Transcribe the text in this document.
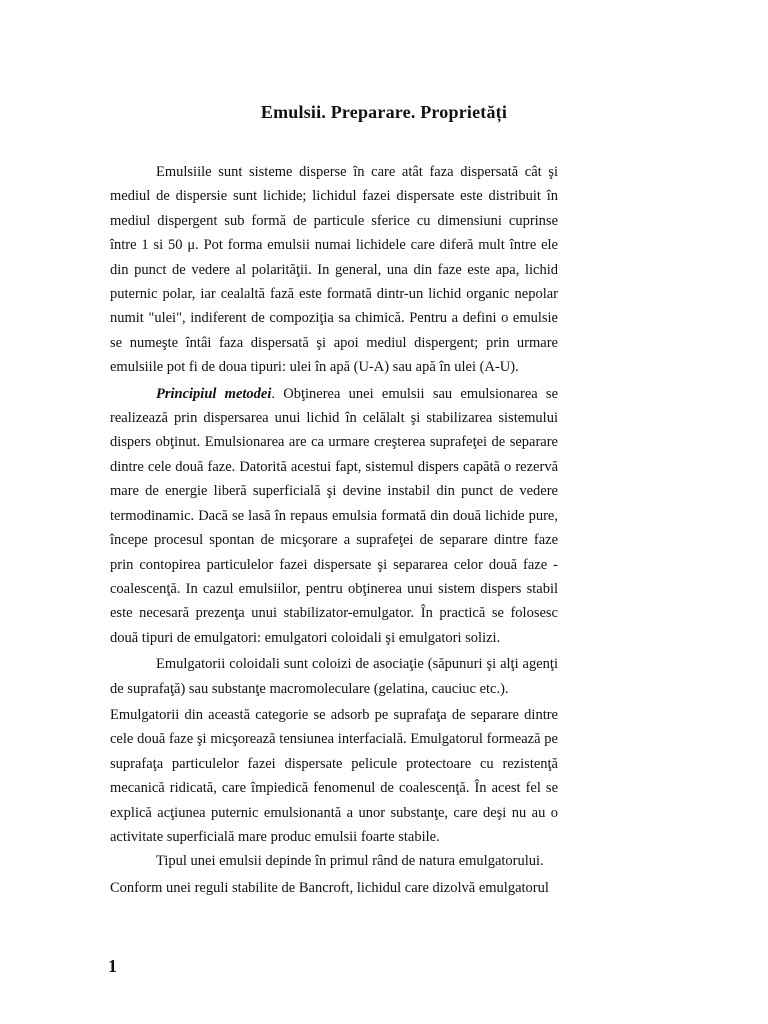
Emulsii. Preparare. Proprietăți

Emulsiile sunt sisteme disperse în care atât faza dispersată cât şi mediul de dispersie sunt lichide; lichidul fazei dispersate este distribuit în mediul dispergent sub formă de particule sferice cu dimensiuni cuprinse între 1 si 50 μ. Pot forma emulsii numai lichidele care diferă mult între ele din punct de vedere al polarităţii. In general, una din faze este apa, lichid puternic polar, iar cealaltă fază este formată dintr-un lichid organic nepolar numit "ulei", indiferent de compoziţia sa chimică. Pentru a defini o emulsie se numeşte întâi faza dispersată şi apoi mediul dispergent; prin urmare emulsiile pot fi de doua tipuri: ulei în apă (U-A) sau apă în ulei (A-U).

Principiul metodei. Obţinerea unei emulsii sau emulsionarea se realizează prin dispersarea unui lichid în celălalt şi stabilizarea sistemului dispers obţinut. Emulsionarea are ca urmare creşterea suprafeţei de separare dintre cele două faze. Datorită acestui fapt, sistemul dispers capătă o rezervă mare de energie liberă superficială şi devine instabil din punct de vedere termodinamic. Dacă se lasă în repaus emulsia formată din două lichide pure, începe procesul spontan de micşorare a suprafeţei de separare dintre faze prin contopirea particulelor fazei dispersate şi separarea celor două faze - coalescenţă. In cazul emulsiilor, pentru obţinerea unui sistem dispers stabil este necesară prezenţa unui stabilizator-emulgator. În practică se folosesc două tipuri de emulgatori: emulgatori coloidali şi emulgatori solizi.

Emulgatorii coloidali sunt coloizi de asociaţie (săpunuri şi alţi agenţi de suprafaţă) sau substanţe macromoleculare (gelatina, cauciuc etc.).

Emulgatorii din această categorie se adsorb pe suprafaţa de separare dintre cele două faze şi micşorează tensiunea interfacială. Emulgatorul formează pe suprafaţa particulelor fazei dispersate pelicule protectoare cu rezistenţă mecanică ridicată, care împiedică fenomenul de coalescenţă. În acest fel se explică acţiunea puternic emulsionantă a unor substanţe, care deşi nu au o activitate superficială mare produc emulsii foarte stabile.

Tipul unei emulsii depinde în primul rând de natura emulgatorului.

Conform unei reguli stabilite de Bancroft, lichidul care dizolvă emulgatorul

1
